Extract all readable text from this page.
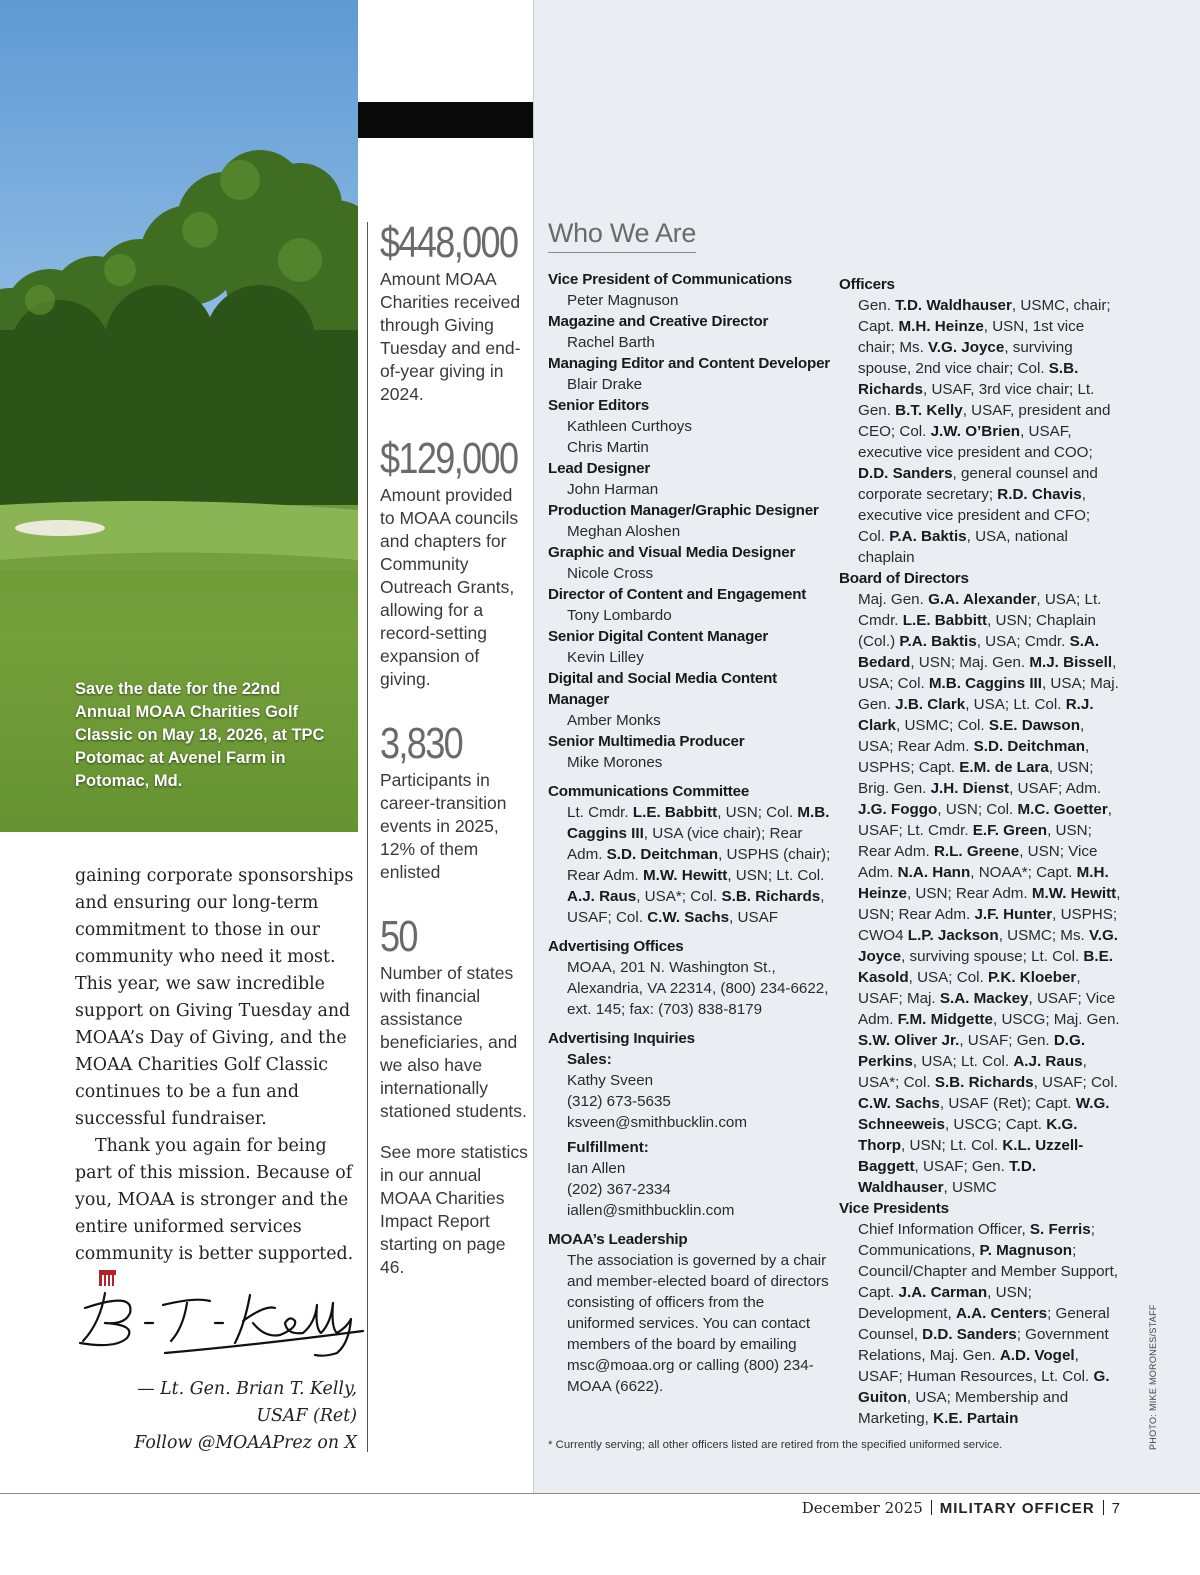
Save the date for the 22nd Annual MOAA Charities Golf Classic on May 18, 2026, at TPC Potomac at Avenel Farm in Potomac, Md.
$448,000
Amount MOAA Charities received through Giving Tuesday and end-of-year giving in 2024.
$129,000
Amount provided to MOAA councils and chapters for Community Outreach Grants, allowing for a record-setting expansion of giving.
3,830
Participants in career-transition events in 2025, 12% of them enlisted
50
Number of states with financial assistance beneficiaries, and we also have internationally stationed students.
See more statistics in our annual MOAA Charities Impact Report starting on page 46.

gaining corporate sponsorships and ensuring our long-term commitment to those in our community who need it most. This year, we saw incredible support on Giving Tuesday and MOAA’s Day of Giving, and the MOAA Charities Golf Classic continues to be a fun and successful fundraiser.

Thank you again for being part of this mission. Because of you, MOAA is stronger and the entire uniformed services community is better supported.

— Lt. Gen. Brian T. Kelly,
USAF (Ret)
Follow @MOAAPrez on X
Who We Are
Vice President of Communications
Peter Magnuson
Magazine and Creative Director
Rachel Barth
Managing Editor and Content Developer
Blair Drake
Senior Editors
Kathleen Curthoys
Chris Martin
Lead Designer
John Harman
Production Manager/Graphic Designer
Meghan Aloshen
Graphic and Visual Media Designer
Nicole Cross
Director of Content and Engagement
Tony Lombardo
Senior Digital Content Manager
Kevin Lilley
Digital and Social Media Content Manager
Amber Monks
Senior Multimedia Producer
Mike Morones
Communications Committee
Lt. Cmdr. L.E. Babbitt, USN; Col. M.B. Caggins III, USA (vice chair); Rear Adm. S.D. Deitchman, USPHS (chair); Rear Adm. M.W. Hewitt, USN; Lt. Col. A.J. Raus, USA*; Col. S.B. Richards, USAF; Col. C.W. Sachs, USAF
Advertising Offices
MOAA, 201 N. Washington St., Alexandria, VA 22314, (800) 234-6622, ext. 145; fax: (703) 838-8179
Advertising Inquiries
Sales:
Kathy Sveen
(312) 673-5635
ksveen@smithbucklin.com
Fulfillment:
Ian Allen
(202) 367-2334
iallen@smithbucklin.com
MOAA’s Leadership
The association is governed by a chair and member-elected board of directors consisting of officers from the uniformed services. You can contact members of the board by emailing msc@moaa.org or calling (800) 234-MOAA (6622).
Officers
Gen. T.D. Waldhauser, USMC, chair; Capt. M.H. Heinze, USN, 1st vice chair; Ms. V.G. Joyce, surviving spouse, 2nd vice chair; Col. S.B. Richards, USAF, 3rd vice chair; Lt. Gen. B.T. Kelly, USAF, president and CEO; Col. J.W. O’Brien, USAF, executive vice president and COO; D.D. Sanders, general counsel and corporate secretary; R.D. Chavis, executive vice president and CFO; Col. P.A. Baktis, USA, national chaplain
Board of Directors
Maj. Gen. G.A. Alexander, USA; Lt. Cmdr. L.E. Babbitt, USN; Chaplain (Col.) P.A. Baktis, USA; Cmdr. S.A. Bedard, USN; Maj. Gen. M.J. Bissell, USA; Col. M.B. Caggins III, USA; Maj. Gen. J.B. Clark, USA; Lt. Col. R.J. Clark, USMC; Col. S.E. Dawson, USA; Rear Adm. S.D. Deitchman, USPHS; Capt. E.M. de Lara, USN; Brig. Gen. J.H. Dienst, USAF; Adm. J.G. Foggo, USN; Col. M.C. Goetter, USAF; Lt. Cmdr. E.F. Green, USN; Rear Adm. R.L. Greene, USN; Vice Adm. N.A. Hann, NOAA*; Capt. M.H. Heinze, USN; Rear Adm. M.W. Hewitt, USN; Rear Adm. J.F. Hunter, USPHS; CWO4 L.P. Jackson, USMC; Ms. V.G. Joyce, surviving spouse; Lt. Col. B.E. Kasold, USA; Col. P.K. Kloeber, USAF; Maj. S.A. Mackey, USAF; Vice Adm. F.M. Midgette, USCG; Maj. Gen. S.W. Oliver Jr., USAF; Gen. D.G. Perkins, USA; Lt. Col. A.J. Raus, USA*; Col. S.B. Richards, USAF; Col. C.W. Sachs, USAF (Ret); Capt. W.G. Schneeweis, USCG; Capt. K.G. Thorp, USN; Lt. Col. K.L. Uzzell-Baggett, USAF; Gen. T.D. Waldhauser, USMC
Vice Presidents
Chief Information Officer, S. Ferris; Communications, P. Magnuson; Council/Chapter and Member Support, Capt. J.A. Carman, USN; Development, A.A. Centers; General Counsel, D.D. Sanders; Government Relations, Maj. Gen. A.D. Vogel, USAF; Human Resources, Lt. Col. G. Guiton, USA; Membership and Marketing, K.E. Partain
* Currently serving; all other officers listed are retired from the specified uniformed service.	PHOTO: MIKE MORONES/STAFF
December 2025 MILITARY OFFICER 7
